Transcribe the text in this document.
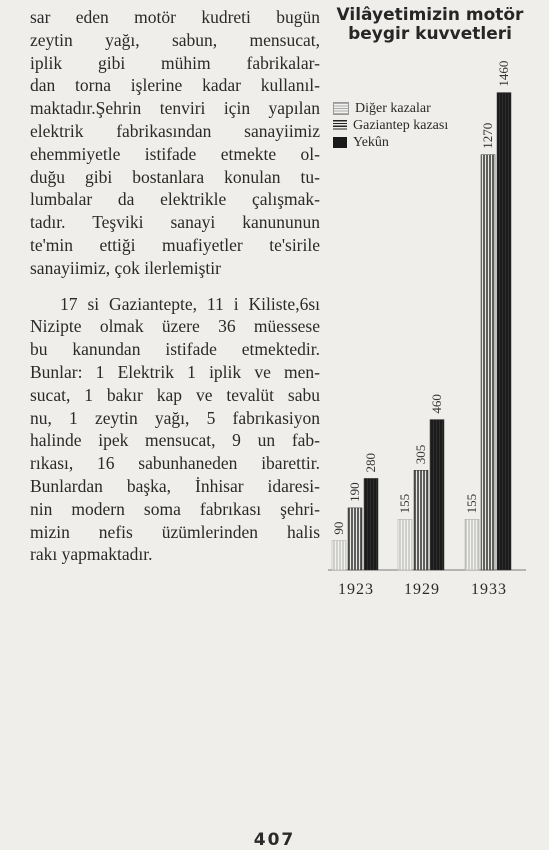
sar eden motör kudreti bugün

zeytin yağı, sabun, mensucat,

iplik gibi mühim fabrikalar-

dan torna işlerine kadar kullanıl-

maktadır.Şehrin tenviri için yapılan

elektrik fabrikasından sanayiimiz

ehemmiyetle istifade etmekte ol-

duğu gibi bostanlara konulan tu-

lumbalar da elektrikle çalışmak-

tadır. Teşviki sanayi kanununun

te'min ettiği muafiyetler te'sirile

sanayiimiz, çok ilerlemiştir

17 si Gaziantepte, 11 i Kiliste,6sı

Nizipte olmak üzere 36 müessese

bu kanundan istifade etmektedir.

Bunlar: 1 Elektrik 1 iplik ve men-

sucat, 1 bakır kap ve tevalüt sabu

nu, 1 zeytin yağı, 5 fabrıkasiyon

halinde ipek mensucat, 9 un fab-

rıkası, 16 sabunhaneden ibarettir.

Bunlardan başka, İnhisar idaresi-

nin modern soma fabrıkası şehri-

mizin nefis üzümlerinden halis

rakı yapmaktadır.

Vilâyetimizin motör beygir kuvvetleri
Diğer kazalar
Gaziantep kazası
Yekûn
90
190
280
1923
155
305
460
1929
155
1270
1460
1933
407
